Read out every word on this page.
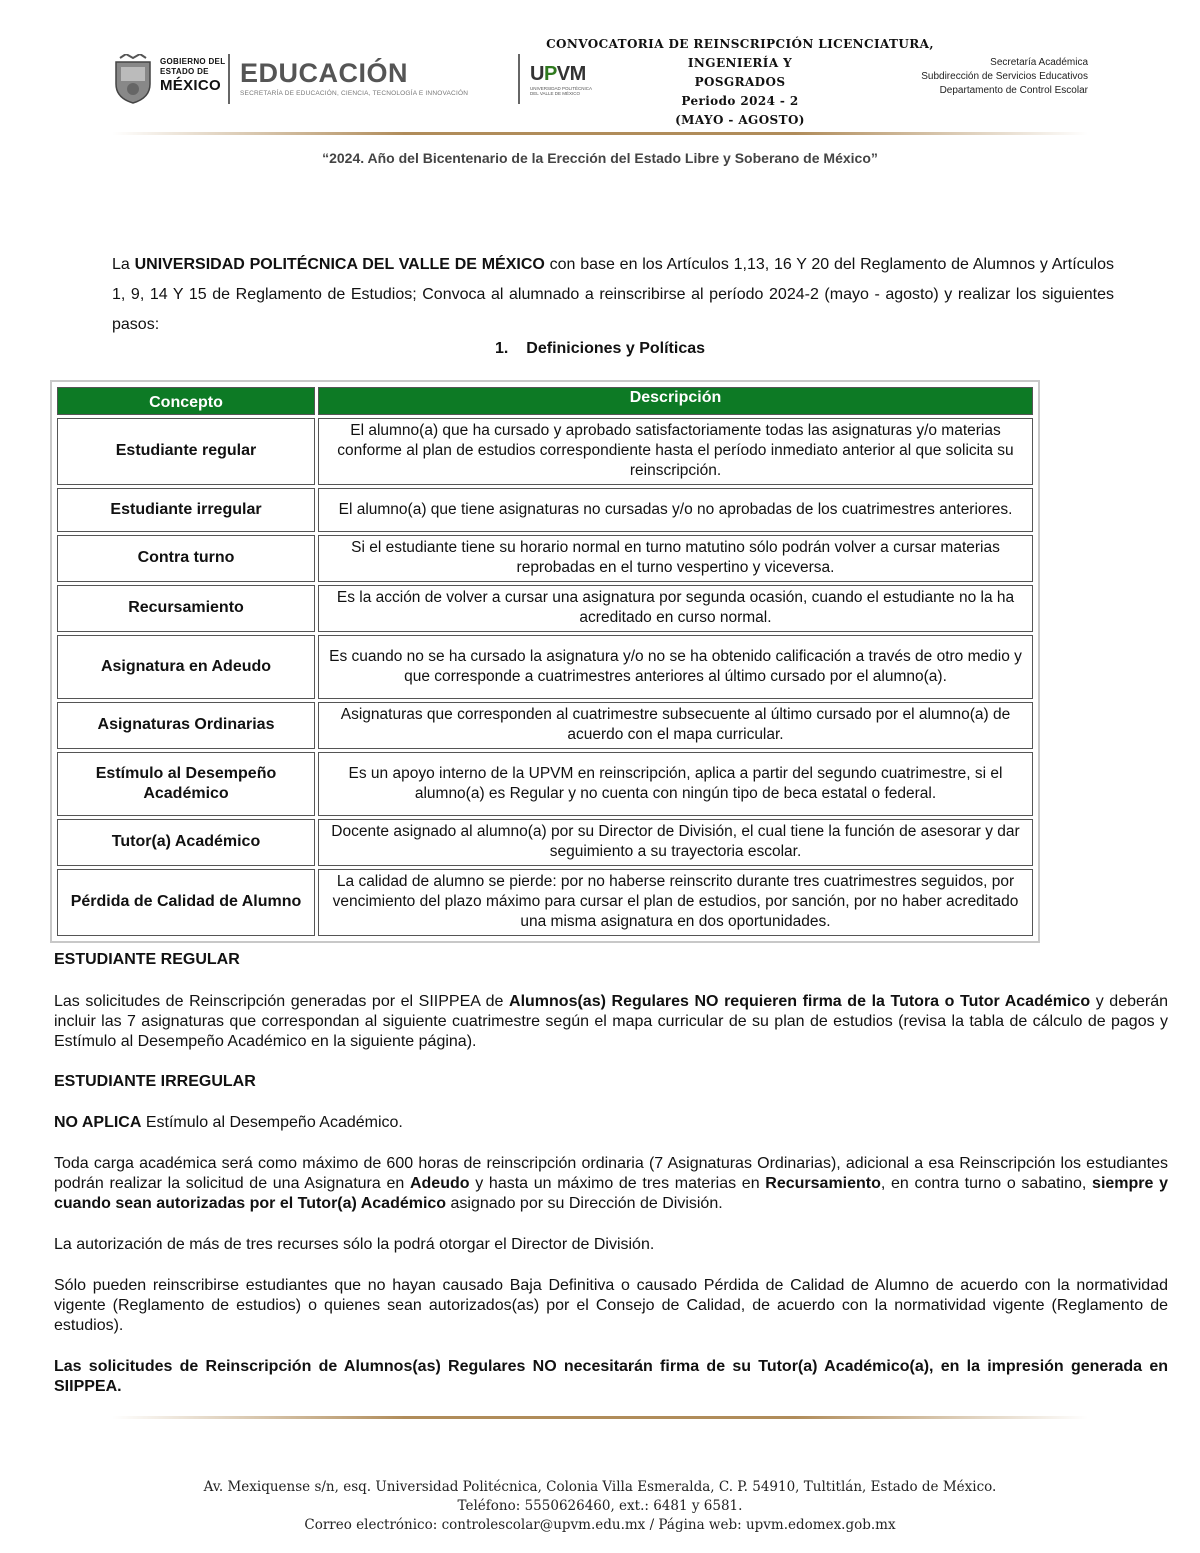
GOBIERNO DEL
ESTADO DE
MÉXICO EDUCACIÓN
SECRETARÍA DE EDUCACIÓN, CIENCIA, TECNOLOGÍA E INNOVACIÓN
UPVM
UNIVERSIDAD POLITÉCNICA DEL VALLE DE MÉXICO
CONVOCATORIA DE REINSCRIPCIÓN LICENCIATURA,
INGENIERÍA Y
POSGRADOS
Periodo 2024 - 2
(MAYO - AGOSTO)
Secretaría Académica
Subdirección de Servicios Educativos
Departamento de Control Escolar
“2024. Año del Bicentenario de la Erección del Estado Libre y Soberano de México”

La UNIVERSIDAD POLITÉCNICA DEL VALLE DE MÉXICO con base en los Artículos 1,13, 16 Y 20 del Reglamento de Alumnos y Artículos 1, 9, 14 Y 15 de Reglamento de Estudios; Convoca al alumnado a reinscribirse al período 2024-2 (mayo - agosto) y realizar los siguientes pasos:

1. Definiciones y Políticas
Concepto	Descripción
Estudiante regular	El alumno(a) que ha cursado y aprobado satisfactoriamente todas las asignaturas y/o materias conforme al plan de estudios correspondiente hasta el período inmediato anterior al que solicita su reinscripción.
Estudiante irregular	El alumno(a) que tiene asignaturas no cursadas y/o no aprobadas de los cuatrimestres anteriores.
Contra turno	Si el estudiante tiene su horario normal en turno matutino sólo podrán volver a cursar materias reprobadas en el turno vespertino y viceversa.
Recursamiento	Es la acción de volver a cursar una asignatura por segunda ocasión, cuando el estudiante no la ha acreditado en curso normal.
Asignatura en Adeudo	Es cuando no se ha cursado la asignatura y/o no se ha obtenido calificación a través de otro medio y que corresponde a cuatrimestres anteriores al último cursado por el alumno(a).
Asignaturas Ordinarias	Asignaturas que corresponden al cuatrimestre subsecuente al último cursado por el alumno(a) de acuerdo con el mapa curricular.
Estímulo al Desempeño Académico	Es un apoyo interno de la UPVM en reinscripción, aplica a partir del segundo cuatrimestre, si el alumno(a) es Regular y no cuenta con ningún tipo de beca estatal o federal.
Tutor(a) Académico	Docente asignado al alumno(a) por su Director de División, el cual tiene la función de asesorar y dar seguimiento a su trayectoria escolar.
Pérdida de Calidad de Alumno	La calidad de alumno se pierde: por no haberse reinscrito durante tres cuatrimestres seguidos, por vencimiento del plazo máximo para cursar el plan de estudios, por sanción, por no haber acreditado una misma asignatura en dos oportunidades.
ESTUDIANTE REGULAR

Las solicitudes de Reinscripción generadas por el SIIPPEA de Alumnos(as) Regulares NO requieren firma de la Tutora o Tutor Académico y deberán incluir las 7 asignaturas que correspondan al siguiente cuatrimestre según el mapa curricular de su plan de estudios (revisa la tabla de cálculo de pagos y Estímulo al Desempeño Académico en la siguiente página).

ESTUDIANTE IRREGULAR

NO APLICA Estímulo al Desempeño Académico.

Toda carga académica será como máximo de 600 horas de reinscripción ordinaria (7 Asignaturas Ordinarias), adicional a esa Reinscripción los estudiantes podrán realizar la solicitud de una Asignatura en Adeudo y hasta un máximo de tres materias en Recursamiento, en contra turno o sabatino, siempre y cuando sean autorizadas por el Tutor(a) Académico asignado por su Dirección de División.

La autorización de más de tres recurses sólo la podrá otorgar el Director de División.

Sólo pueden reinscribirse estudiantes que no hayan causado Baja Definitiva o causado Pérdida de Calidad de Alumno de acuerdo con la normatividad vigente (Reglamento de estudios) o quienes sean autorizados(as) por el Consejo de Calidad, de acuerdo con la normatividad vigente (Reglamento de estudios).

Las solicitudes de Reinscripción de Alumnos(as) Regulares NO necesitarán firma de su Tutor(a) Académico(a), en la impresión generada en SIIPPEA.

Av. Mexiquense s/n, esq. Universidad Politécnica, Colonia Villa Esmeralda, C. P. 54910, Tultitlán, Estado de México.
Teléfono: 5550626460, ext.: 6481 y 6581.
Correo electrónico: controlescolar@upvm.edu.mx / Página web: upvm.edomex.gob.mx
